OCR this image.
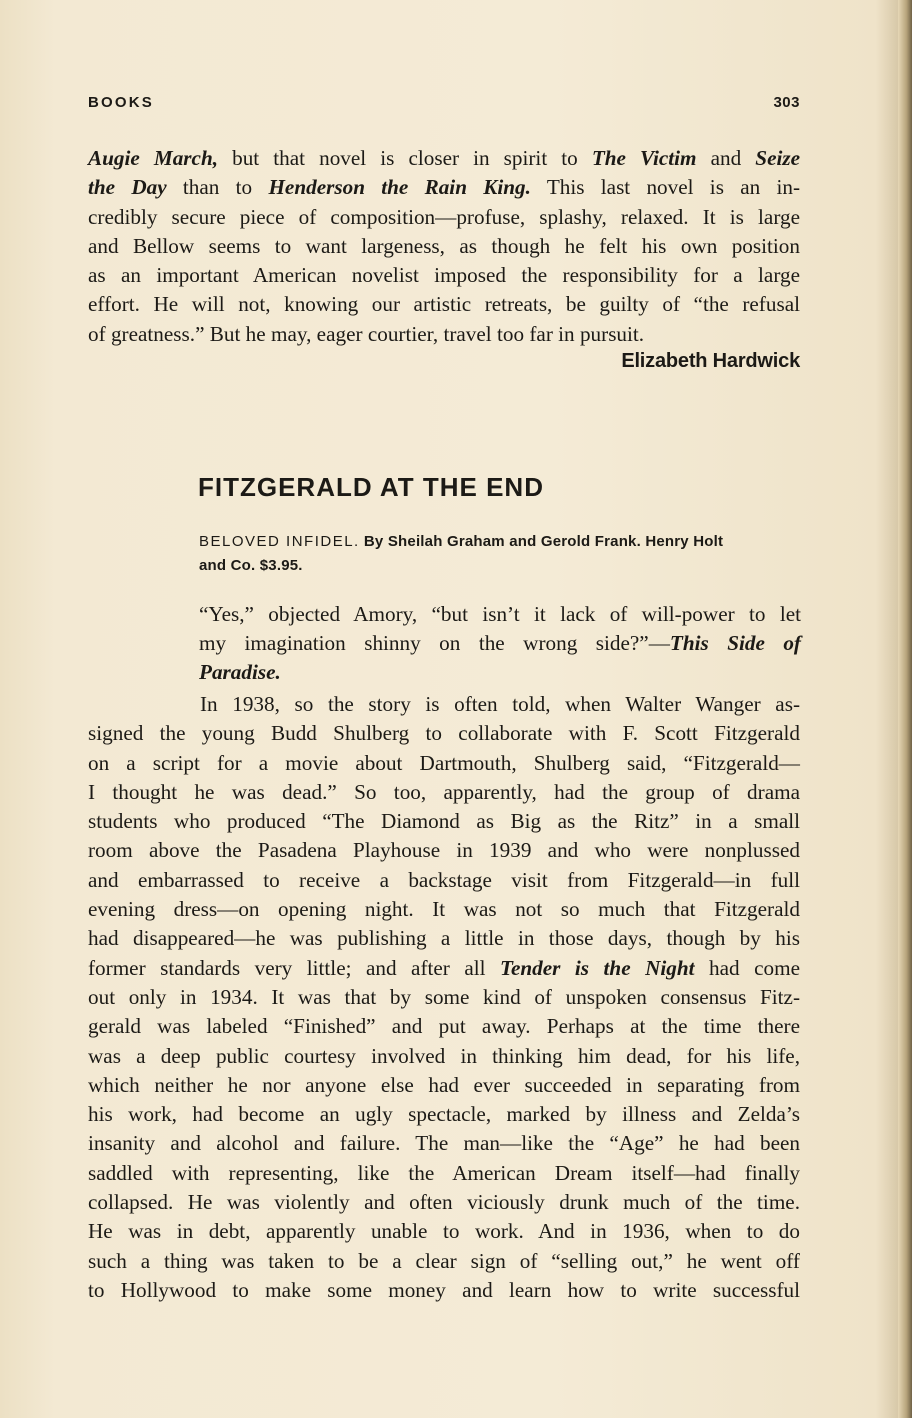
BOOKS	303
Augie March, but that novel is closer in spirit to The Victim and Seize
the Day than to Henderson the Rain King. This last novel is an in-
credibly secure piece of composition—profuse, splashy, relaxed. It is large
and Bellow seems to want largeness, as though he felt his own position
as an important American novelist imposed the responsibility for a large
effort. He will not, knowing our artistic retreats, be guilty of “the refusal
of greatness.” But he may, eager courtier, travel too far in pursuit.
Elizabeth Hardwick
FITZGERALD AT THE END
BELOVED INFIDEL. By Sheilah Graham and Gerold Frank. Henry Holt
and Co. $3.95.
“Yes,” objected Amory, “but isn’t it lack of will-power to let
my imagination shinny on the wrong side?”—This Side of
Paradise.
In 1938, so the story is often told, when Walter Wanger as-
signed the young Budd Shulberg to collaborate with F. Scott Fitzgerald
on a script for a movie about Dartmouth, Shulberg said, “Fitzgerald—
I thought he was dead.” So too, apparently, had the group of drama
students who produced “The Diamond as Big as the Ritz” in a small
room above the Pasadena Playhouse in 1939 and who were nonplussed
and embarrassed to receive a backstage visit from Fitzgerald—in full
evening dress—on opening night. It was not so much that Fitzgerald
had disappeared—he was publishing a little in those days, though by his
former standards very little; and after all Tender is the Night had come
out only in 1934. It was that by some kind of unspoken consensus Fitz-
gerald was labeled “Finished” and put away. Perhaps at the time there
was a deep public courtesy involved in thinking him dead, for his life,
which neither he nor anyone else had ever succeeded in separating from
his work, had become an ugly spectacle, marked by illness and Zelda’s
insanity and alcohol and failure. The man—like the “Age” he had been
saddled with representing, like the American Dream itself—had finally
collapsed. He was violently and often viciously drunk much of the time.
He was in debt, apparently unable to work. And in 1936, when to do
such a thing was taken to be a clear sign of “selling out,” he went off
to Hollywood to make some money and learn how to write successful
